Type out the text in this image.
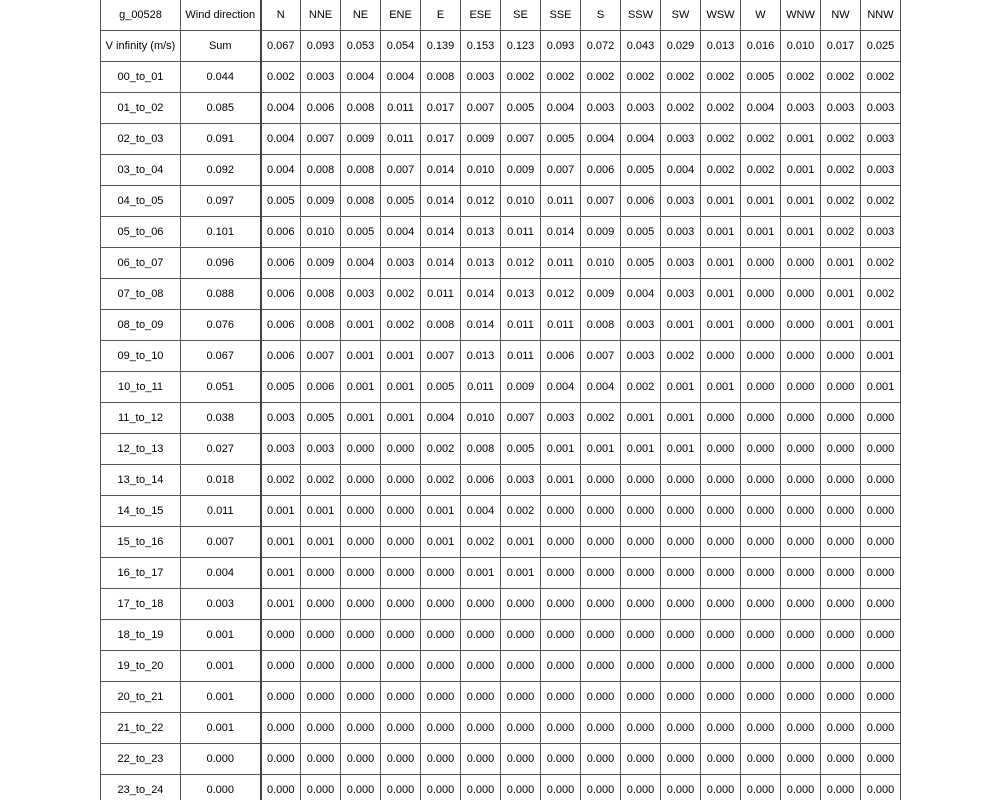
g_00528	Wind direction	N	NNE	NE	ENE	E	ESE	SE	SSE	S	SSW	SW	WSW	W	WNW	NW	NNW
V infinity (m/s)	Sum	0.067	0.093	0.053	0.054	0.139	0.153	0.123	0.093	0.072	0.043	0.029	0.013	0.016	0.010	0.017	0.025
00_to_01	0.044	0.002	0.003	0.004	0.004	0.008	0.003	0.002	0.002	0.002	0.002	0.002	0.002	0.005	0.002	0.002	0.002
01_to_02	0.085	0.004	0.006	0.008	0.011	0.017	0.007	0.005	0.004	0.003	0.003	0.002	0.002	0.004	0.003	0.003	0.003
02_to_03	0.091	0.004	0.007	0.009	0.011	0.017	0.009	0.007	0.005	0.004	0.004	0.003	0.002	0.002	0.001	0.002	0.003
03_to_04	0.092	0.004	0.008	0.008	0.007	0.014	0.010	0.009	0.007	0.006	0.005	0.004	0.002	0.002	0.001	0.002	0.003
04_to_05	0.097	0.005	0.009	0.008	0.005	0.014	0.012	0.010	0.011	0.007	0.006	0.003	0.001	0.001	0.001	0.002	0.002
05_to_06	0.101	0.006	0.010	0.005	0.004	0.014	0.013	0.011	0.014	0.009	0.005	0.003	0.001	0.001	0.001	0.002	0.003
06_to_07	0.096	0.006	0.009	0.004	0.003	0.014	0.013	0.012	0.011	0.010	0.005	0.003	0.001	0.000	0.000	0.001	0.002
07_to_08	0.088	0.006	0.008	0.003	0.002	0.011	0.014	0.013	0.012	0.009	0.004	0.003	0.001	0.000	0.000	0.001	0.002
08_to_09	0.076	0.006	0.008	0.001	0.002	0.008	0.014	0.011	0.011	0.008	0.003	0.001	0.001	0.000	0.000	0.001	0.001
09_to_10	0.067	0.006	0.007	0.001	0.001	0.007	0.013	0.011	0.006	0.007	0.003	0.002	0.000	0.000	0.000	0.000	0.001
10_to_11	0.051	0.005	0.006	0.001	0.001	0.005	0.011	0.009	0.004	0.004	0.002	0.001	0.001	0.000	0.000	0.000	0.001
11_to_12	0.038	0.003	0.005	0.001	0.001	0.004	0.010	0.007	0.003	0.002	0.001	0.001	0.000	0.000	0.000	0.000	0.000
12_to_13	0.027	0.003	0.003	0.000	0.000	0.002	0.008	0.005	0.001	0.001	0.001	0.001	0.000	0.000	0.000	0.000	0.000
13_to_14	0.018	0.002	0.002	0.000	0.000	0.002	0.006	0.003	0.001	0.000	0.000	0.000	0.000	0.000	0.000	0.000	0.000
14_to_15	0.011	0.001	0.001	0.000	0.000	0.001	0.004	0.002	0.000	0.000	0.000	0.000	0.000	0.000	0.000	0.000	0.000
15_to_16	0.007	0.001	0.001	0.000	0.000	0.001	0.002	0.001	0.000	0.000	0.000	0.000	0.000	0.000	0.000	0.000	0.000
16_to_17	0.004	0.001	0.000	0.000	0.000	0.000	0.001	0.001	0.000	0.000	0.000	0.000	0.000	0.000	0.000	0.000	0.000
17_to_18	0.003	0.001	0.000	0.000	0.000	0.000	0.000	0.000	0.000	0.000	0.000	0.000	0.000	0.000	0.000	0.000	0.000
18_to_19	0.001	0.000	0.000	0.000	0.000	0.000	0.000	0.000	0.000	0.000	0.000	0.000	0.000	0.000	0.000	0.000	0.000
19_to_20	0.001	0.000	0.000	0.000	0.000	0.000	0.000	0.000	0.000	0.000	0.000	0.000	0.000	0.000	0.000	0.000	0.000
20_to_21	0.001	0.000	0.000	0.000	0.000	0.000	0.000	0.000	0.000	0.000	0.000	0.000	0.000	0.000	0.000	0.000	0.000
21_to_22	0.001	0.000	0.000	0.000	0.000	0.000	0.000	0.000	0.000	0.000	0.000	0.000	0.000	0.000	0.000	0.000	0.000
22_to_23	0.000	0.000	0.000	0.000	0.000	0.000	0.000	0.000	0.000	0.000	0.000	0.000	0.000	0.000	0.000	0.000	0.000
23_to_24	0.000	0.000	0.000	0.000	0.000	0.000	0.000	0.000	0.000	0.000	0.000	0.000	0.000	0.000	0.000	0.000	0.000
